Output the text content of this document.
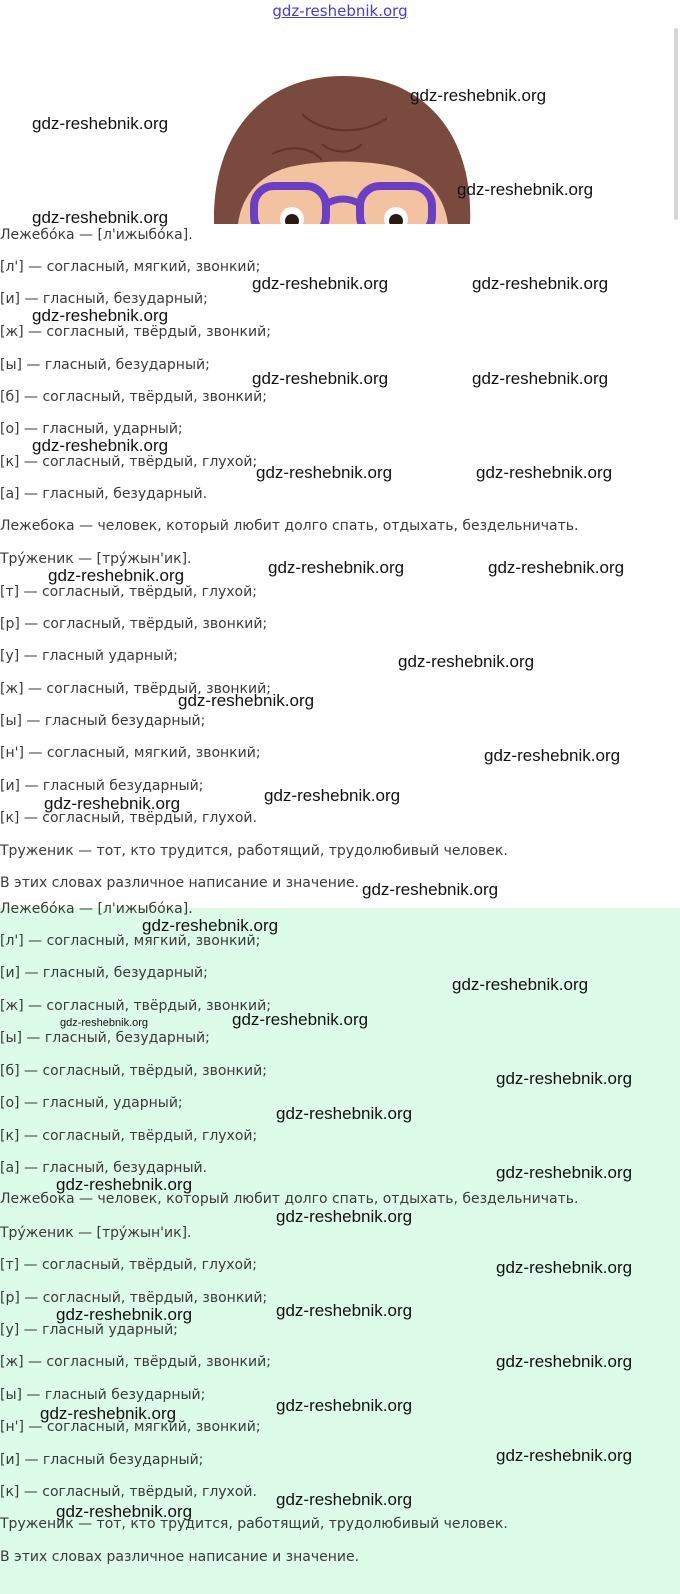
gdz-reshebnik.org
Лежебóка — [л'ижыбóка].
[л'] — согласный, мягкий, звонкий;
[и] — гласный, безударный;
[ж] — согласный, твёрдый, звонкий;
[ы] — гласный, безударный;
[б] — согласный, твёрдый, звонкий;
[о] — гласный, ударный;
[к] — согласный, твёрдый, глухой;
[а] — гласный, безударный.
Лежебока — человек, который любит долго спать, отдыхать, бездельничать.
Трýженик — [трýжын'ик].
[т] — согласный, твёрдый, глухой;
[р] — согласный, твёрдый, звонкий;
[у] — гласный ударный;
[ж] — согласный, твёрдый, звонкий;
[ы] — гласный безударный;
[н'] — согласный, мягкий, звонкий;
[и] — гласный безударный;
[к] — согласный, твёрдый, глухой.
Труженик — тот, кто трудится, работящий, трудолюбивый человек.
В этих словах различное написание и значение.
Лежебóка — [л'ижыбóка].
[л'] — согласный, мягкий, звонкий;
[и] — гласный, безударный;
[ж] — согласный, твёрдый, звонкий;
[ы] — гласный, безударный;
[б] — согласный, твёрдый, звонкий;
[о] — гласный, ударный;
[к] — согласный, твёрдый, глухой;
[а] — гласный, безударный.
Лежебока — человек, который любит долго спать, отдыхать, бездельничать.
Трýженик — [трýжын'ик].
[т] — согласный, твёрдый, глухой;
[р] — согласный, твёрдый, звонкий;
[у] — гласный ударный;
[ж] — согласный, твёрдый, звонкий;
[ы] — гласный безударный;
[н'] — согласный, мягкий, звонкий;
[и] — гласный безударный;
[к] — согласный, твёрдый, глухой.
Труженик — тот, кто трудится, работящий, трудолюбивый человек.
В этих словах различное написание и значение.
gdz-reshebnik.org
gdz-reshebnik.org
gdz-reshebnik.org
gdz-reshebnik.org
gdz-reshebnik.org	gdz-reshebnik.org
gdz-reshebnik.org
gdz-reshebnik.org	gdz-reshebnik.org
gdz-reshebnik.org
gdz-reshebnik.org	gdz-reshebnik.org
gdz-reshebnik.org	gdz-reshebnik.org	gdz-reshebnik.org
gdz-reshebnik.org
gdz-reshebnik.org
gdz-reshebnik.org
gdz-reshebnik.org
gdz-reshebnik.org
gdz-reshebnik.org
gdz-reshebnik.org
gdz-reshebnik.org
gdz-reshebnik.org	gdz-reshebnik.org
gdz-reshebnik.org
gdz-reshebnik.org
gdz-reshebnik.org
gdz-reshebnik.org
gdz-reshebnik.org
gdz-reshebnik.org
gdz-reshebnik.org
gdz-reshebnik.org
gdz-reshebnik.org
gdz-reshebnik.org
gdz-reshebnik.org
gdz-reshebnik.org
gdz-reshebnik.org
gdz-reshebnik.org
